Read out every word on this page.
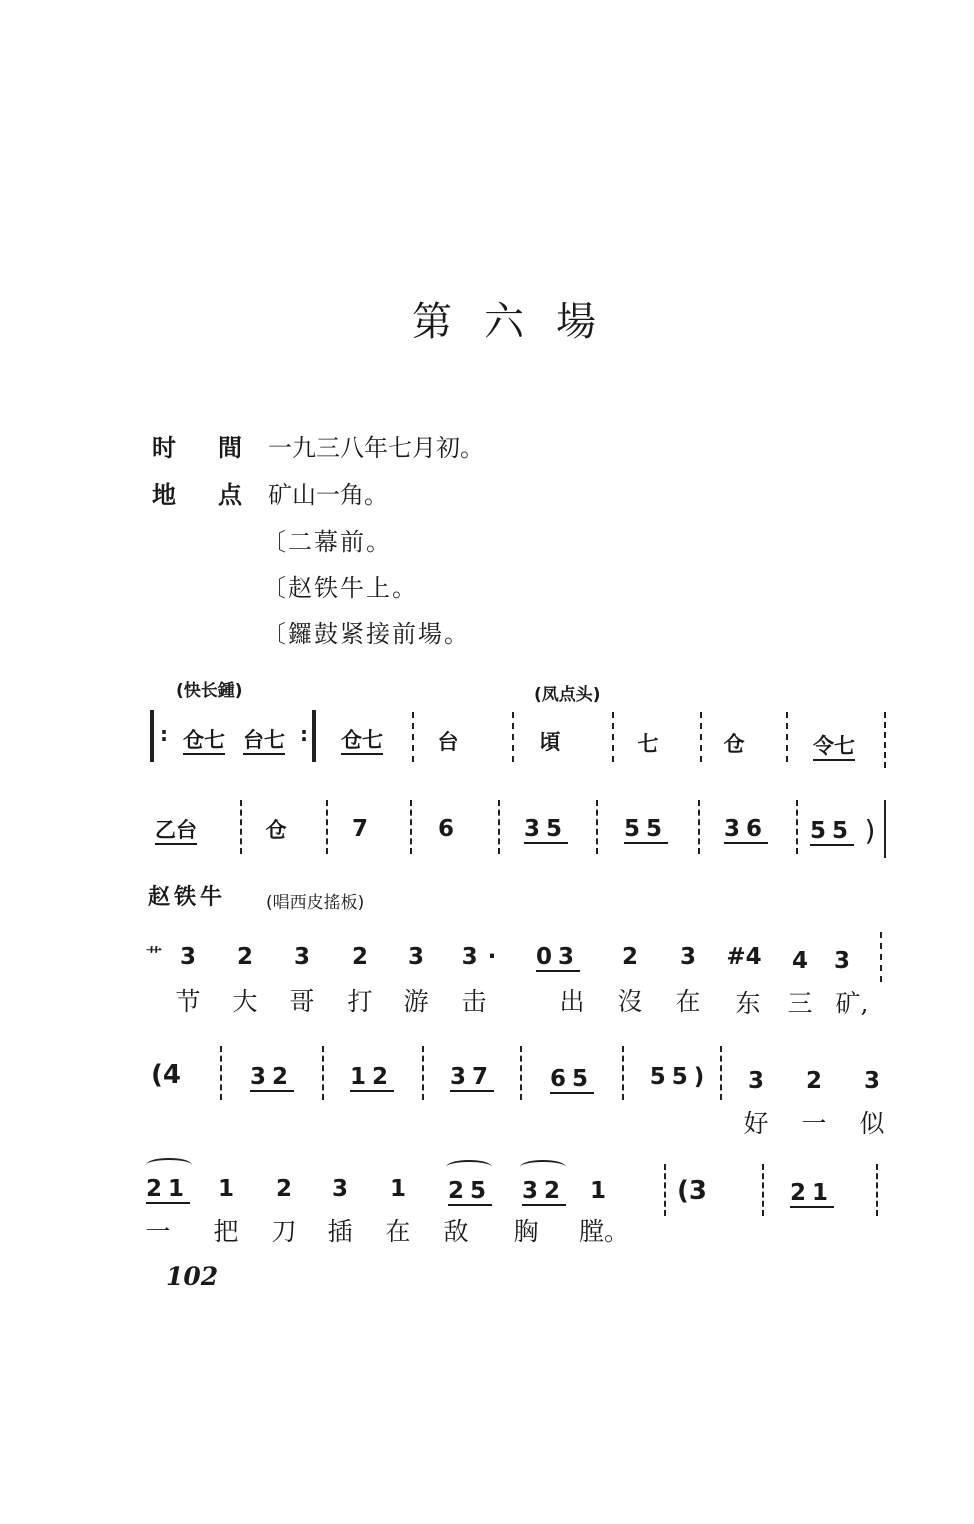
第六場
时 間 一九三八年七月初。
地 点 矿山一角。
〔二幕前。
〔赵铁牛上。
〔鑼鼓紧接前場。
(快长鍾)	(凤点头)
: 仓七 台七 : 仓七	台	頃	七	仓	令七
乙台	仓	7	6	35 55 36 55 )
赵铁牛 (唱西皮搖板)
艹 3 2 3 2 3 3· 03 2 3 #4 4 3
节 大 哥 打 游 击	出 沒 在 东 三 矿,
(4	32 12 37 65 55) 3 2 3
好 一 似
21 1 2 3 1 25 32 1	(3	21
一 把 刀 插 在 敌 胸 膛。
102
